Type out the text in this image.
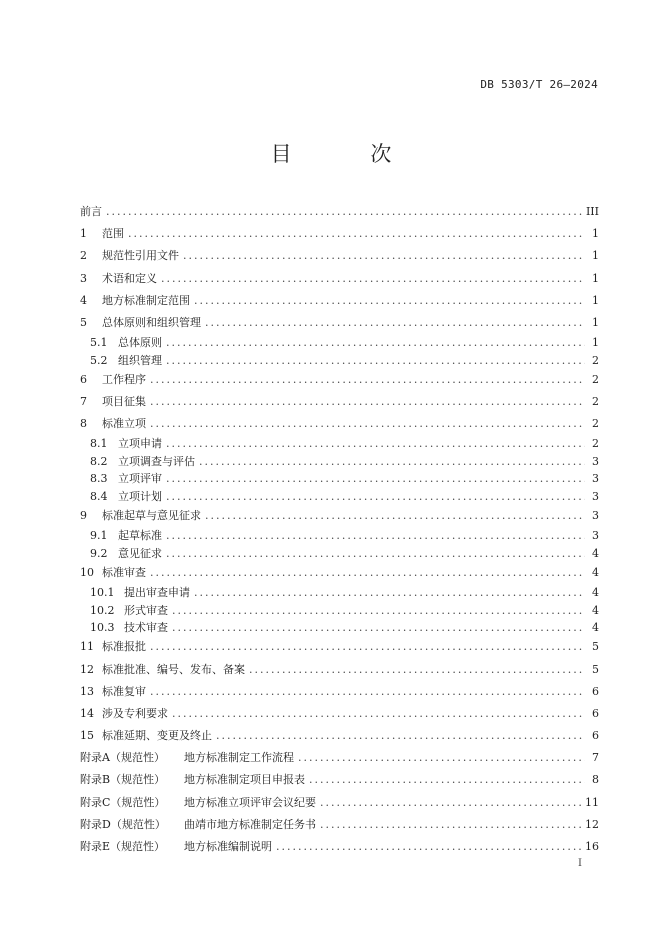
DB 5303/T 26—2024
目 次
前言 .....	III
1	范围 .....	1
2	规范性引用文件 .....	1
3	术语和定义 .....	1
4	地方标准制定范围 .....	1
5	总体原则和组织管理 .....	1
5.1 总体原则 .....	1
5.2 组织管理 .....	2
6	工作程序 .....	2
7	项目征集 .....	2
8	标准立项 .....	2
8.1 立项申请 .....	2
8.2 立项调查与评估 .....	3
8.3 立项评审 .....	3
8.4 立项计划 .....	3
9	标准起草与意见征求 .....	3
9.1 起草标准 .....	3
9.2 意见征求 .....	4
10 标准审查 .....	4
10.1 提出审查申请 .....	4
10.2 形式审查 .....	4
10.3 技术审查 .....	4
11 标准报批 .....	5
12 标准批准、编号、发布、备案 .....	5
13 标准复审 .....	6
14 涉及专利要求 .....	6
15 标准延期、变更及终止 .....	6
附录A（规范性）	地方标准制定工作流程 .....	7
附录B（规范性）	地方标准制定项目申报表 .....	8
附录C（规范性）	地方标准立项评审会议纪要 .....	11
附录D（规范性）	曲靖市地方标准制定任务书 .....	12
附录E（规范性）	地方标准编制说明 .....	16
I
